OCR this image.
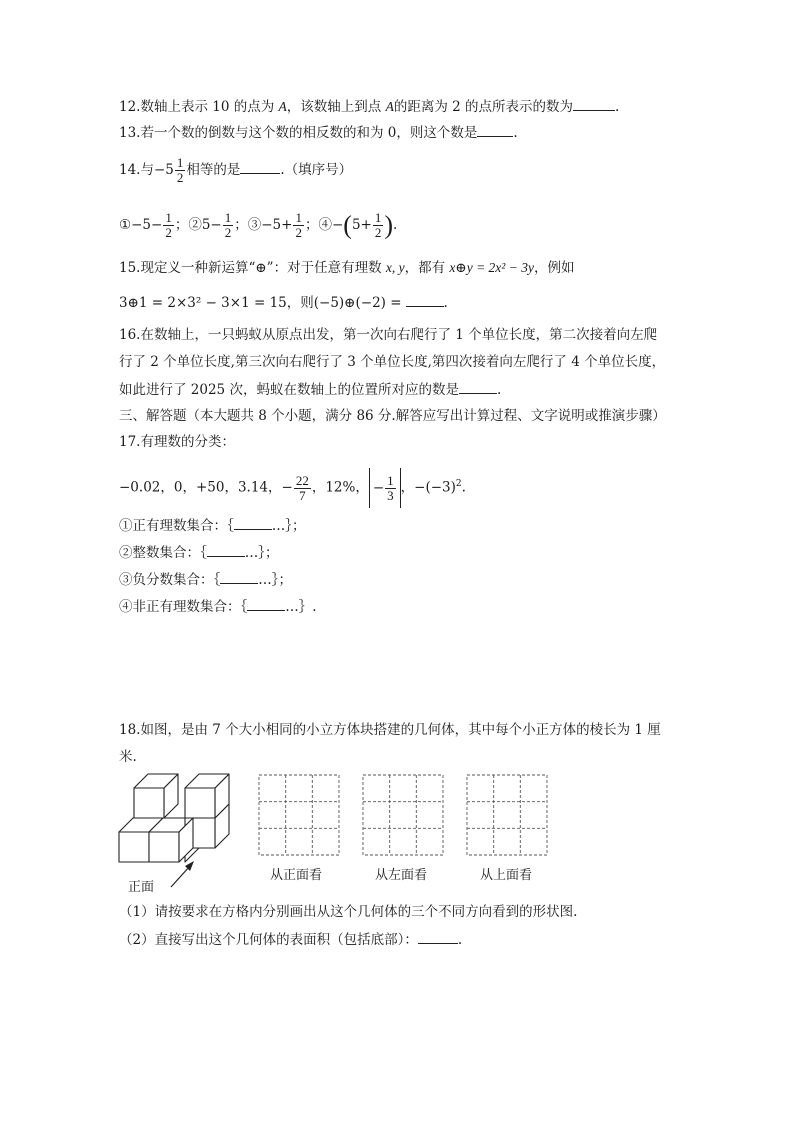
12.数轴上表示 10 的点为 A，该数轴上到点 A的距离为 2 的点所表示的数为	.
13.若一个数的倒数与这个数的相反数的和为 0，则这个数是	.
14.与$-5 \frac{1}{2}$ 相等的是	.（填序号）
①−5− $\frac{1}{2}$ ；②5− $\frac{1}{2}$ ；③−5+ $\frac{1}{2}$ ；④−(5+ $\frac{1}{2}$ ).
15.现定义一种新运算“⊕”：对于任意有理数 x, y，都有 x⊕y = 2x² − 3y，例如
3⊕1 = 2×3² − 3×1 = 15，则(−5)⊕(−2) =	.
16.在数轴上，一只蚂蚁从原点出发，第一次向右爬行了 1 个单位长度，第二次接着向左爬
行了 2 个单位长度,第三次向右爬行了 3 个单位长度,第四次接着向左爬行了 4 个单位长度，
如此进行了 2025 次，蚂蚁在数轴上的位置所对应的数是	.
三、解答题（本大题共 8 个小题，满分 86 分.解答应写出计算过程、文字说明或推演步骤）
17.有理数的分类：
−0.02，0，+50，3.14，− $\frac{22}{7}$ ，12%， − $\frac{1}{3}$ ，$-(-3)^2$.
①正有理数集合：｛	…｝；
②整数集合：｛	…｝；
③负分数集合：｛	…｝；
④非正有理数集合：｛	…｝.
18.如图，是由 7 个大小相同的小立方体块搭建的几何体，其中每个小正方体的棱长为 1 厘
米.
正面
从正面看	从左面看	从上面看
（1）请按要求在方格内分别画出从这个几何体的三个不同方向看到的形状图.
（2）直接写出这个几何体的表面积（包括底部）：	.
